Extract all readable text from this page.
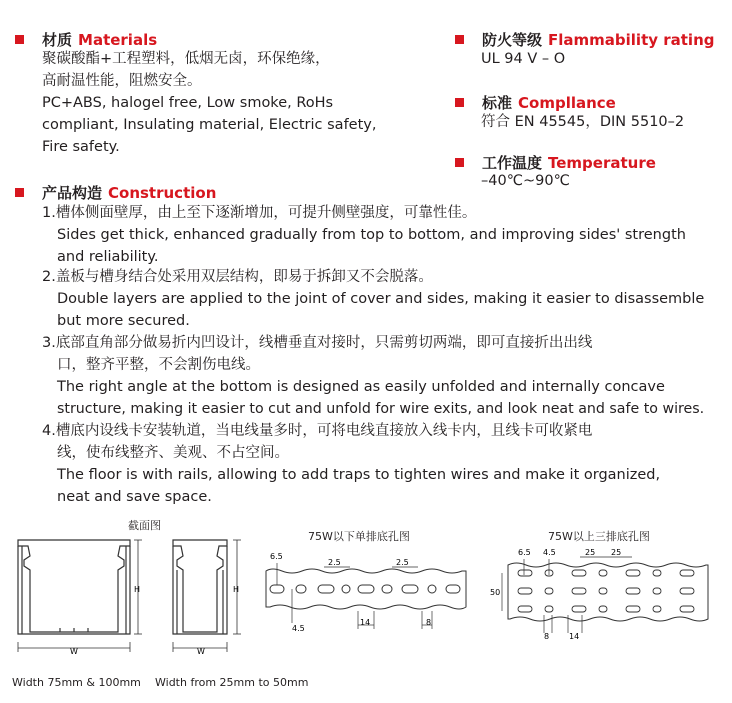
材质 Materials
聚碳酸酯+工程塑料，低烟无卤，环保绝缘，
高耐温性能，阻燃安全。
PC+ABS, halogel free, Low smoke, RoHs
compliant, Insulating material, Electric safety,
Fire safety.
防火等级 Flammability rating
UL 94 V – O
标准 Compllance
符合 EN 45545，DIN 5510–2
工作温度 Temperature
–40℃~90℃
产品构造 Construction
1.槽体侧面壁厚，由上至下逐渐增加，可提升侧壁强度，可靠性佳。
Sides get thick, enhanced gradually from top to bottom, and improving sides' strength
and reliability.
2.盖板与槽身结合处采用双层结构，即易于拆卸又不会脱落。
Double layers are applied to the joint of cover and sides, making it easier to disassemble
but more secured.
3.底部直角部分做易折内凹设计，线槽垂直对接时，只需剪切两端，即可直接折出出线
口，整齐平整，不会割伤电线。
The right angle at the bottom is designed as easily unfolded and internally concave
structure, making it easier to cut and unfold for wire exits, and look neat and safe to wires.
4.槽底内设线卡安装轨道，当电线量多时，可将电线直接放入线卡内，且线卡可收紧电
线，使布线整齐、美观、不占空间。
The floor is with rails, allowing to add traps to tighten wires and make it organized,
neat and save space.
截面图
H
W
H
W
75W以下单排底孔图
6.5
2.5	2.5
4.5
14	8
75W以上三排底孔图
6.5 4.5	25 25
50
8 14
Width 75mm & 100mm Width from 25mm to 50mm
